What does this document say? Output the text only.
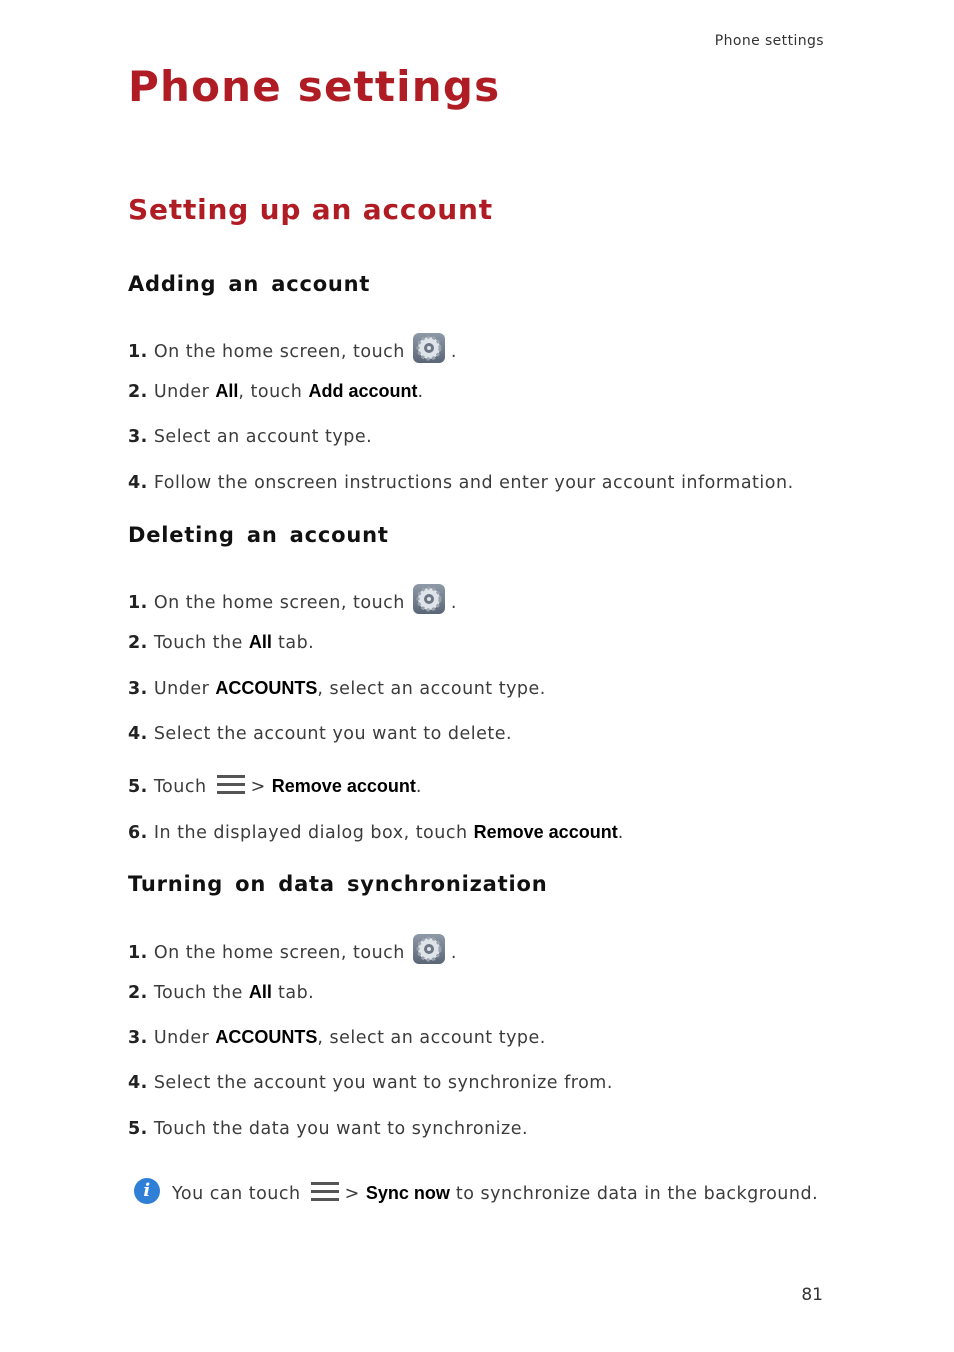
Phone settings
Phone settings
Setting up an account
Adding an account
1. On the home screen, touch	.
2. Under All, touch Add account.
3. Select an account type.
4. Follow the onscreen instructions and enter your account information.
Deleting an account
1. On the home screen, touch	.
2. Touch the All tab.
3. Under ACCOUNTS, select an account type.
4. Select the account you want to delete.
5. Touch	> Remove account.
6. In the displayed dialog box, touch Remove account.
Turning on data synchronization
1. On the home screen, touch	.
2. Touch the All tab.
3. Under ACCOUNTS, select an account type.
4. Select the account you want to synchronize from.
5. Touch the data you want to synchronize.
i	You can touch	> Sync now to synchronize data in the background.
81
